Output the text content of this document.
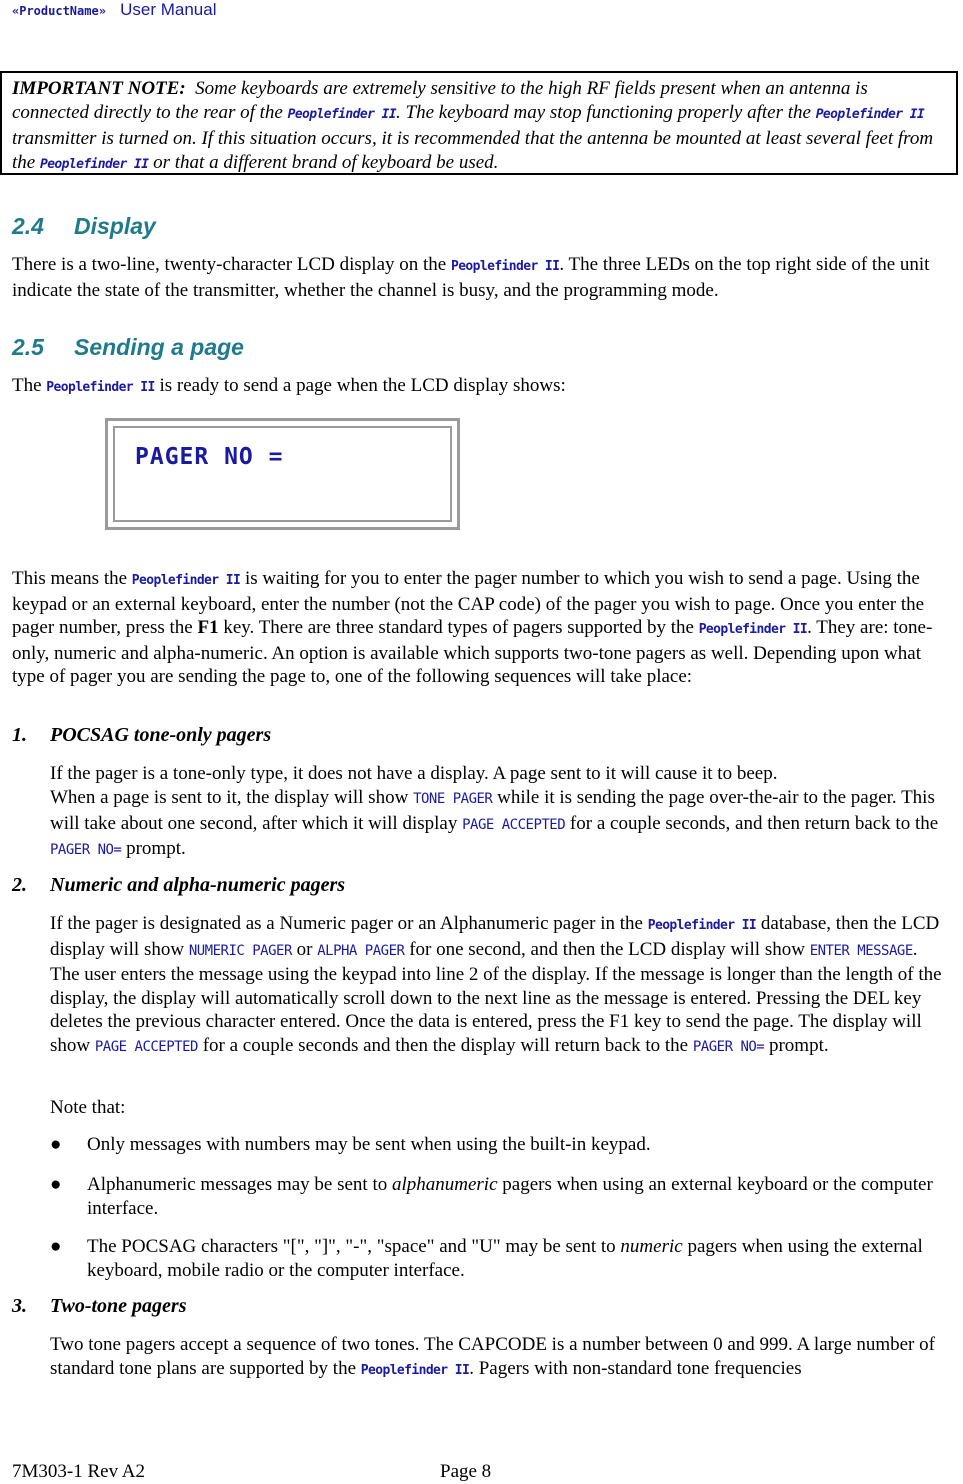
«ProductName» User Manual
IMPORTANT NOTE: Some keyboards are extremely sensitive to the high RF fields present when an antenna is connected directly to the rear of the Peoplefinder II. The keyboard may stop functioning properly after the Peoplefinder II transmitter is turned on. If this situation occurs, it is recommended that the antenna be mounted at least several feet from the Peoplefinder II or that a different brand of keyboard be used.
2.4 Display

There is a two-line, twenty-character LCD display on the Peoplefinder II. The three LEDs on the top right side of the unit indicate the state of the transmitter, whether the channel is busy, and the programming mode.

2.5 Sending a page

The Peoplefinder II is ready to send a page when the LCD display shows:

PAGER NO =

This means the Peoplefinder II is waiting for you to enter the pager number to which you wish to send a page. Using the keypad or an external keyboard, enter the number (not the CAP code) of the pager you wish to page. Once you enter the pager number, press the F1 key. There are three standard types of pagers supported by the Peoplefinder II. They are: tone-only, numeric and alpha-numeric. An option is available which supports two-tone pagers as well. Depending upon what type of pager you are sending the page to, one of the following sequences will take place:

1. POCSAG tone-only pagers

If the pager is a tone-only type, it does not have a display. A page sent to it will cause it to beep.

When a page is sent to it, the display will show TONE PAGER while it is sending the page over-the-air to the pager. This will take about one second, after which it will display PAGE ACCEPTED for a couple seconds, and then return back to the PAGER NO= prompt.

2. Numeric and alpha-numeric pagers

If the pager is designated as a Numeric pager or an Alphanumeric pager in the Peoplefinder II database, then the LCD display will show NUMERIC PAGER or ALPHA PAGER for one second, and then the LCD display will show ENTER MESSAGE. The user enters the message using the keypad into line 2 of the display. If the message is longer than the length of the display, the display will automatically scroll down to the next line as the message is entered. Pressing the DEL key deletes the previous character entered. Once the data is entered, press the F1 key to send the page. The display will show PAGE ACCEPTED for a couple seconds and then the display will return back to the PAGER NO= prompt.

Note that:

● Only messages with numbers may be sent when using the built-in keypad.
● Alphanumeric messages may be sent to alphanumeric pagers when using an external keyboard or the computer interface.
● The POCSAG characters "[", "]", "-", "space" and "U" may be sent to numeric pagers when using the external keyboard, mobile radio or the computer interface.
3. Two-tone pagers

Two tone pagers accept a sequence of two tones. The CAPCODE is a number between 0 and 999. A large number of standard tone plans are supported by the Peoplefinder II. Pagers with non-standard tone frequencies

7M303-1 Rev A2	Page 8
